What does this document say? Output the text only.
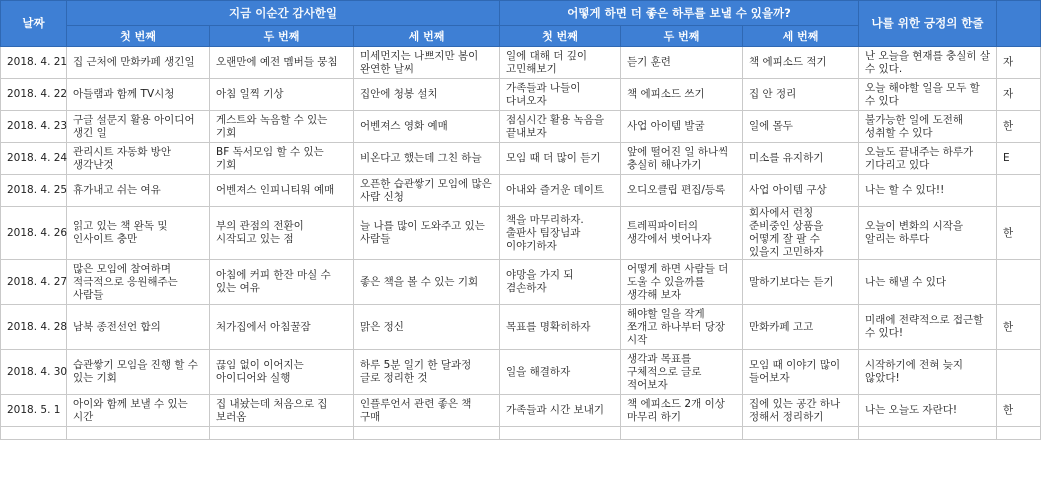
날짜	지금 이순간 감사한일			어떻게 하면 더 좋은 하루를 보낼 수 있을까?			나를 위한 긍정의 한줄	
	첫 번째	두 번째	세 번째	첫 번째	두 번째	세 번째		
2018. 4. 21	집 근처에 만화카페 생긴일	오랜만에 예전 멤버들 뭉침	미세먼지는 나쁘지만 봄이 완연한 날씨	일에 대해 더 깊이 고민해보기	듣기 훈련	책 에피소드 적기	난 오늘을 현재를 충실히 살 수 있다.	자
2018. 4. 22	아들램과 함께 TV시청	아침 일찍 기상	집안에 청봉 설치	가족들과 나들이 다녀오자	책 에피소드 쓰기	집 안 정리	오늘 해야할 일을 모두 할 수 있다	자
2018. 4. 23	구글 설문지 활용 아이디어 생긴 일	게스트와 녹음할 수 있는 기회	어벤져스 영화 예매	점심시간 활용 녹음을 끝내보자	사업 아이템 발굴	일에 몰두	불가능한 일에 도전해 성취할 수 있다	한
2018. 4. 24	관리시트 자동화 방안 생각난것	BF 독서모임 할 수 있는 기회	비온다고 했는데 그친 하늘	모임 때 더 많이 듣기	앞에 떨어진 일 하나씩 충실히 해나가기	미소를 유지하기	오늘도 끝내주는 하루가 기다리고 있다	E
2018. 4. 25	휴가내고 쉬는 여유	어벤져스 인피니티워 예매	오픈한 습관쌓기 모임에 많은 사람 신청	아내와 즐거운 데이트	오디오클립 편집/등록	사업 아이템 구상	나는 할 수 있다!!	
2018. 4. 26	읽고 있는 책 완독 및 인사이트 충만	부의 관점의 전환이 시작되고 있는 점	늘 나를 많이 도와주고 있는 사람들	책을 마무리하자. 출판사 팀장님과 이야기하자	트레픽파이터의 생각에서 벗어나자	회사에서 런칭 준비중인 상품을 어떻게 잘 팔 수 있을지 고민하자	오늘이 변화의 시작을 알리는 하루다	한
2018. 4. 27	많은 모임에 참여하며 적극적으로 응원해주는 사람들	아침에 커피 한잔 마실 수 있는 여유	좋은 책을 볼 수 있는 기회	야망을 가지 되 겸손하자	어떻게 하면 사람들 더 도울 수 있을까를 생각해 보자	말하기보다는 듣기	나는 해낼 수 있다	
2018. 4. 28	남북 종전선언 합의	처가집에서 아침꿀잠	맑은 정신	목표를 명확히하자	해야할 일을 작게 쪼개고 하나부터 당장 시작	만화카페 고고	미래에 전략적으로 접근할 수 있다!	한
2018. 4. 30	습관쌓기 모임을 진행 할 수 있는 기회	끊임 없이 이어지는 아이디어와 실행	하루 5분 일기 한 달과정 글로 정리한 것	일을 해결하자	생각과 목표를 구체적으로 글로 적어보자	모임 때 이야기 많이 들어보자	시작하기에 전혀 늦지 않았다!	
2018. 5. 1	아이와 함께 보낼 수 있는 시간	집 내놨는데 처음으로 집 보러옴	인플루언서 관련 좋은 책 구매	가족들과 시간 보내기	책 에피소드 2개 이상 마무리 하기	집에 있는 공간 하나 정해서 정리하기	나는 오늘도 자란다!	한
